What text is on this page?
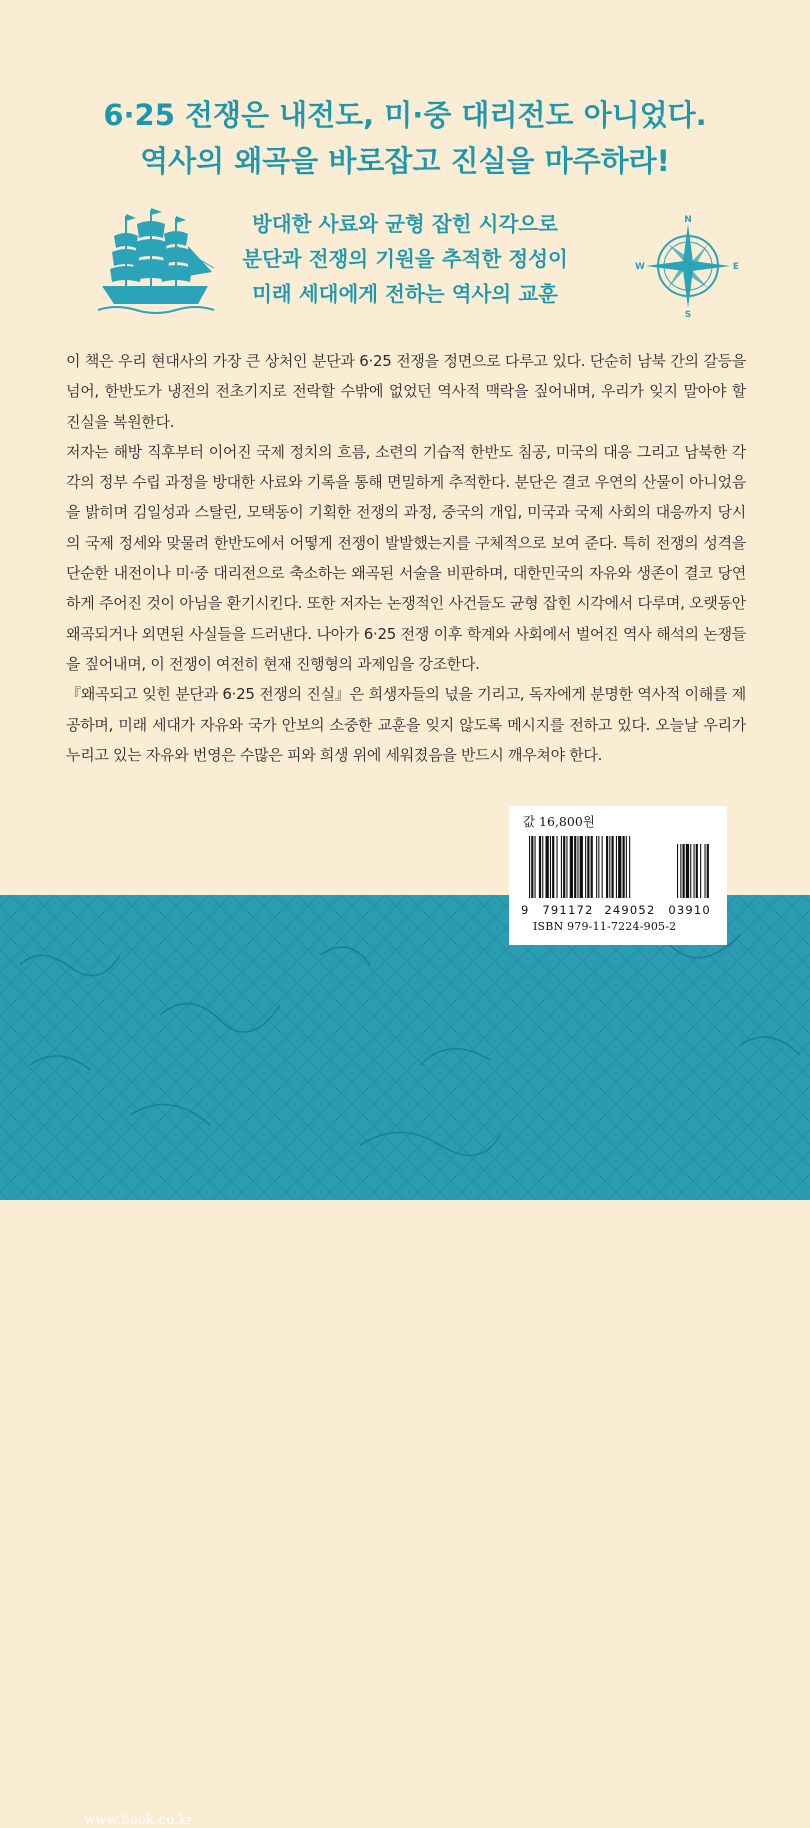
6·25 전쟁은 내전도, 미·중 대리전도 아니었다.
역사의 왜곡을 바로잡고 진실을 마주하라!
방대한 사료와 균형 잡힌 시각으로
분단과 전쟁의 기원을 추적한 정성이
미래 세대에게 전하는 역사의 교훈
N
S
E
W

이 책은 우리 현대사의 가장 큰 상처인 분단과 6·25 전쟁을 정면으로 다루고 있다. 단순히 남북 간의 갈등을 넘어, 한반도가 냉전의 전초기지로 전락할 수밖에 없었던 역사적 맥락을 짚어내며, 우리가 잊지 말아야 할 진실을 복원한다.

저자는 해방 직후부터 이어진 국제 정치의 흐름, 소련의 기습적 한반도 침공, 미국의 대응 그리고 남북한 각각의 정부 수립 과정을 방대한 사료와 기록을 통해 면밀하게 추적한다. 분단은 결코 우연의 산물이 아니었음을 밝히며 김일성과 스탈린, 모택동이 기획한 전쟁의 과정, 중국의 개입, 미국과 국제 사회의 대응까지 당시의 국제 정세와 맞물려 한반도에서 어떻게 전쟁이 발발했는지를 구체적으로 보여 준다. 특히 전쟁의 성격을 단순한 내전이나 미·중 대리전으로 축소하는 왜곡된 서술을 비판하며, 대한민국의 자유와 생존이 결코 당연하게 주어진 것이 아님을 환기시킨다. 또한 저자는 논쟁적인 사건들도 균형 잡힌 시각에서 다루며, 오랫동안 왜곡되거나 외면된 사실들을 드러낸다. 나아가 6·25 전쟁 이후 학계와 사회에서 벌어진 역사 해석의 논쟁들을 짚어내며, 이 전쟁이 여전히 현재 진행형의 과제임을 강조한다.

『왜곡되고 잊힌 분단과 6·25 전쟁의 진실』은 희생자들의 넋을 기리고, 독자에게 분명한 역사적 이해를 제공하며, 미래 세대가 자유와 국가 안보의 소중한 교훈을 잊지 않도록 메시지를 전하고 있다. 오늘날 우리가 누리고 있는 자유와 번영은 수많은 피와 희생 위에 세워졌음을 반드시 깨우쳐야 한다.

www.book.co.kr
값 16,800원
9 791172 249052 03910
ISBN 979-11-7224-905-2
